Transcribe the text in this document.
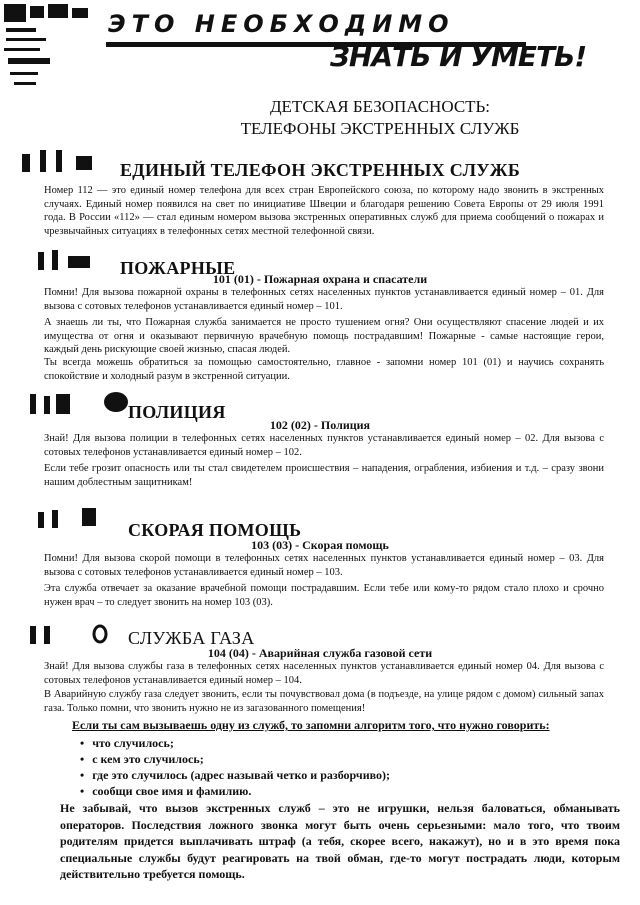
ЭТО НЕОБХОДИМО
ЗНАТЬ И УМЕТЬ!
ДЕТСКАЯ БЕЗОПАСНОСТЬ:
ТЕЛЕФОНЫ ЭКСТРЕННЫХ СЛУЖБ
ЕДИНЫЙ ТЕЛЕФОН ЭКСТРЕННЫХ СЛУЖБ

Номер 112 — это единый номер телефона для всех стран Европейского союза, по которому надо звонить в экстренных случаях. Единый номер появился на свет по инициативе Швеции и благодаря решению Совета Европы от 29 июля 1991 года. В России «112» — стал единым номером вызова экстренных оперативных служб для приема сообщений о пожарах и чрезвычайных ситуациях в телефонных сетях местной телефонной связи.

ПОЖАРНЫЕ
101 (01) - Пожарная охрана и спасатели

Помни! Для вызова пожарной охраны в телефонных сетях населенных пунктов устанавливается единый номер – 01. Для вызова с сотовых телефонов устанавливается единый номер – 101.

А знаешь ли ты, что Пожарная служба занимается не просто тушением огня? Они осуществляют спасение людей и их имущества от огня и оказывают первичную врачебную помощь пострадавшим! Пожарные - самые настоящие герои, каждый день рискующие своей жизнью, спасая людей.

Ты всегда можешь обратиться за помощью самостоятельно, главное - запомни номер 101 (01) и научись сохранять спокойствие и холодный разум в экстренной ситуации.

ПОЛИЦИЯ
102 (02) - Полиция

Знай! Для вызова полиции в телефонных сетях населенных пунктов устанавливается единый номер – 02. Для вызова с сотовых телефонов устанавливается единый номер – 102.

Если тебе грозит опасность или ты стал свидетелем происшествия – нападения, ограбления, избиения и т.д. – сразу звони нашим доблестным защитникам!

СКОРАЯ ПОМОЩЬ
103 (03) - Скорая помощь

Помни! Для вызова скорой помощи в телефонных сетях населенных пунктов устанавливается единый номер – 03. Для вызова с сотовых телефонов устанавливается единый номер – 103.

Эта служба отвечает за оказание врачебной помощи пострадавшим. Если тебе или кому-то рядом стало плохо и срочно нужен врач – то следует звонить на номер 103 (03).

СЛУЖБА ГАЗА
104 (04) - Аварийная служба газовой сети

Знай! Для вызова службы газа в телефонных сетях населенных пунктов устанавливается единый номер 04. Для вызова с сотовых телефонов устанавливается единый номер – 104.

В Аварийную службу газа следует звонить, если ты почувствовал дома (в подъезде, на улице рядом с домом) сильный запах газа. Только помни, что звонить нужно не из загазованного помещения!

Если ты сам вызываешь одну из служб, то запомни алгоритм того, что нужно говорить:
• что случилось;
• с кем это случилось;
• где это случилось (адрес называй четко и разборчиво);
• сообщи свое имя и фамилию.
Не забывай, что вызов экстренных служб – это не игрушки, нельзя баловаться, обманывать операторов. Последствия ложного звонка могут быть очень серьезными: мало того, что твоим родителям придется выплачивать штраф (а тебя, скорее всего, накажут), но и в это время пока специальные службы будут реагировать на твой обман, где-то могут пострадать люди, которым действительно требуется помощь.
